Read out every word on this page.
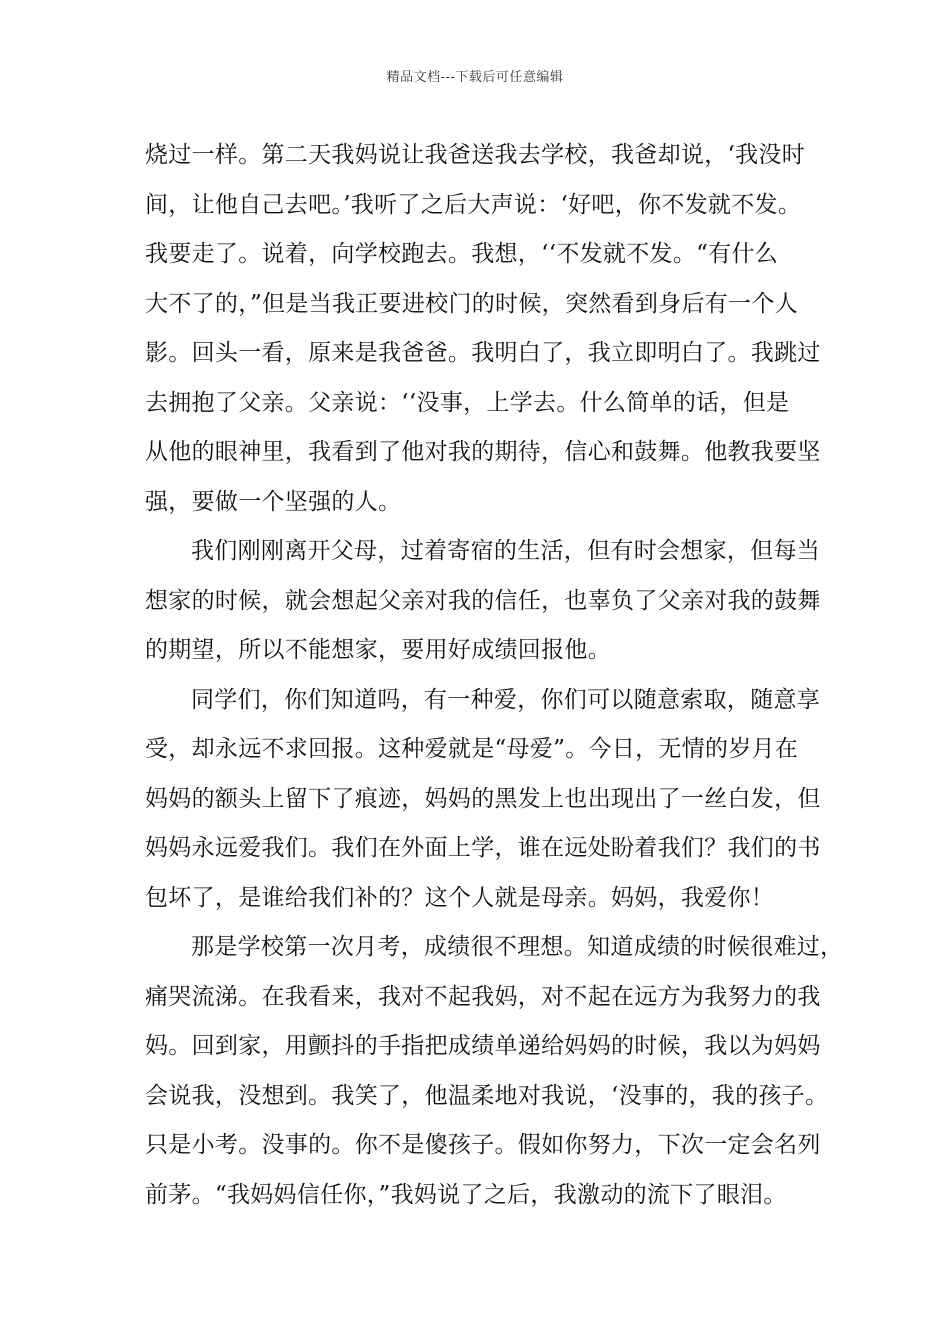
精品文档---下载后可任意编辑
烧过一样。第二天我妈说让我爸送我去学校，我爸却说，‘我没时
间，让他自己去吧。’我听了之后大声说：‘好吧，你不发就不发。
我要走了。说着，向学校跑去。我想，‘‘不发就不发。“有什么
大不了的，”但是当我正要进校门的时候，突然看到身后有一个人
影。回头一看，原来是我爸爸。我明白了，我立即明白了。我跳过
去拥抱了父亲。父亲说：‘‘没事，上学去。什么简单的话，但是
从他的眼神里，我看到了他对我的期待，信心和鼓舞。他教我要坚
强，要做一个坚强的人。
我们刚刚离开父母，过着寄宿的生活，但有时会想家，但每当
想家的时候，就会想起父亲对我的信任，也辜负了父亲对我的鼓舞
的期望，所以不能想家，要用好成绩回报他。
同学们，你们知道吗，有一种爱，你们可以随意索取，随意享
受，却永远不求回报。这种爱就是“母爱”。今日，无情的岁月在
妈妈的额头上留下了痕迹，妈妈的黑发上也出现出了一丝白发，但
妈妈永远爱我们。我们在外面上学，谁在远处盼着我们？我们的书
包坏了，是谁给我们补的？这个人就是母亲。妈妈，我爱你！
那是学校第一次月考，成绩很不理想。知道成绩的时候很难过，
痛哭流涕。在我看来，我对不起我妈，对不起在远方为我努力的我
妈。回到家，用颤抖的手指把成绩单递给妈妈的时候，我以为妈妈
会说我，没想到。我笑了，他温柔地对我说，‘没事的，我的孩子。
只是小考。没事的。你不是傻孩子。假如你努力，下次一定会名列
前茅。“我妈妈信任你，”我妈说了之后，我激动的流下了眼泪。
